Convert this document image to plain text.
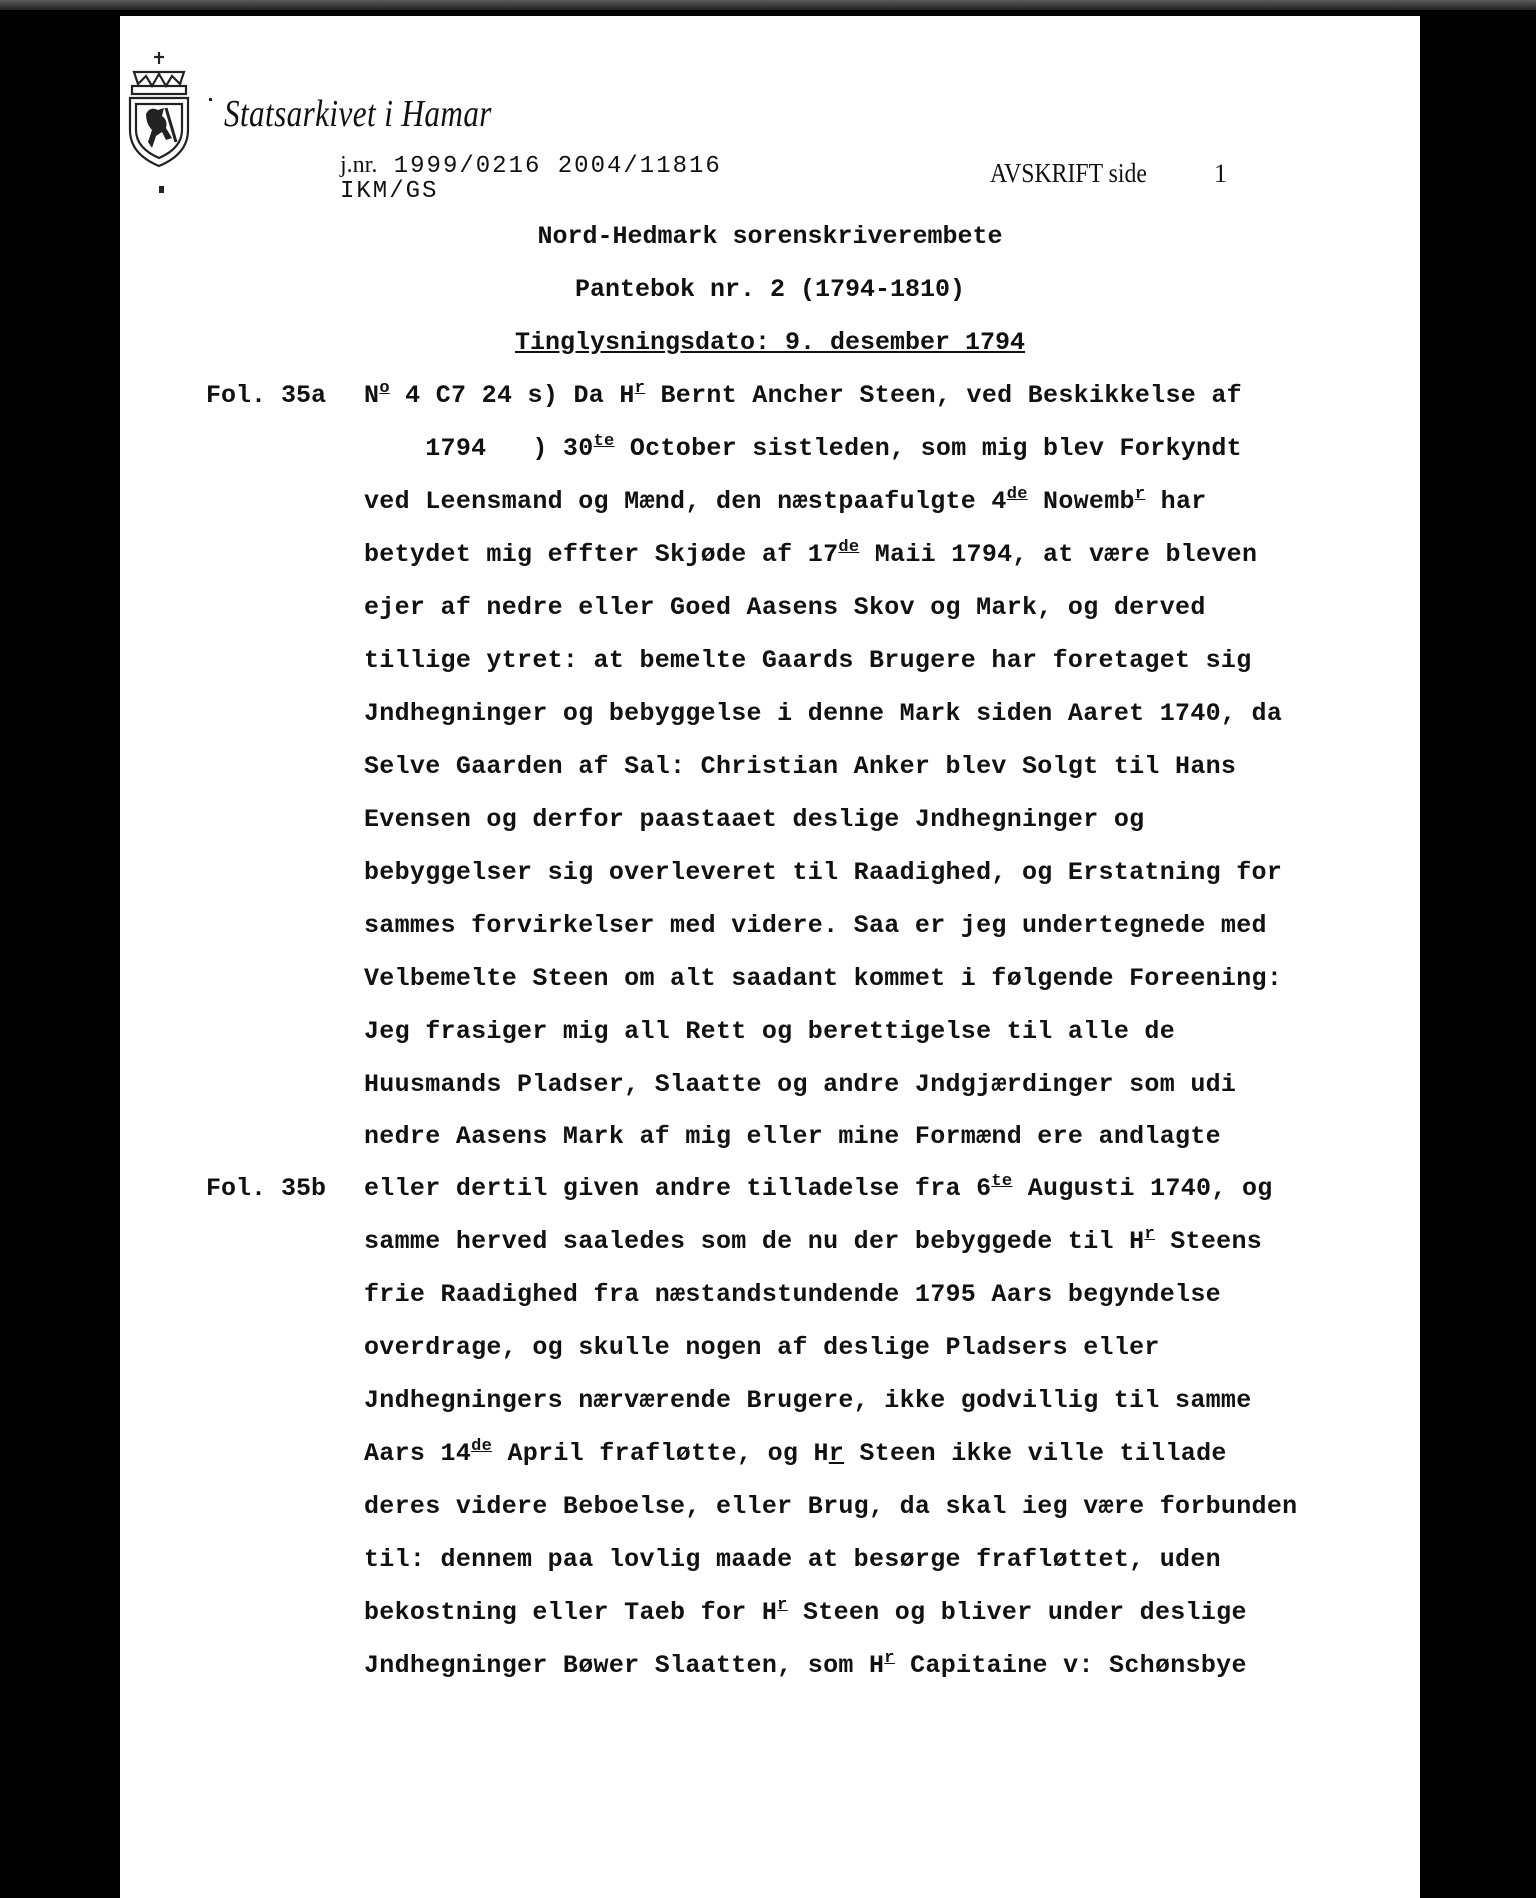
Statsarkivet i Hamar
j.nr. 1999/0216 2004/11816
IKM/GS
AVSKRIFT side	1
Nord-Hedmark sorenskriverembete
Pantebok nr. 2 (1794-1810)
Tinglysningsdato: 9. desember 1794
Fol. 35a
Fol. 35b
$N^o$ 4 C7 24 s) Da $H^r$ Bernt Ancher Steen, ved Beskikkelse af
1794   ) $30^{te}$ October sistleden, som mig blev Forkyndt
ved Leensmand og Mænd, den næstpaafulgte 4de Nowemb$^r$ har
betydet mig effter Skjøde af 17de Maii 1794, at være bleven
ejer af nedre eller Goed Aasens Skov og Mark, og derved
tillige ytret: at bemelte Gaards Brugere har foretaget sig
Jndhegninger og bebyggelse i denne Mark siden Aaret 1740, da
Selve Gaarden af Sal: Christian Anker blev Solgt til Hans
Evensen og derfor paastaaet deslige Jndhegninger og
bebyggelser sig overleveret til Raadighed, og Erstatning for
sammes forvirkelser med videre. Saa er jeg undertegnede med
Velbemelte Steen om alt saadant kommet i følgende Foreening:
Jeg frasiger mig all Rett og berettigelse til alle de
Huusmands Pladser, Slaatte og andre Jndgjærdinger som udi
nedre Aasens Mark af mig eller mine Formænd ere andlagte
eller dertil given andre tilladelse fra $6^{te}$ Augusti 1740, og
samme herved saaledes som de nu der bebyggede til $H^r$ Steens
frie Raadighed fra næstandstundende 1795 Aars begyndelse
overdrage, og skulle nogen af deslige Pladsers eller
Jndhegningers nærværende Brugere, ikke godvillig til samme
Aars 14de April frafløtte, og Hr Steen ikke ville tillade
deres videre Beboelse, eller Brug, da skal ieg være forbunden
til: dennem paa lovlig maade at besørge frafløttet, uden
bekostning eller Taeb for $H^r$ Steen og bliver under deslige
Jndhegninger Bøwer Slaatten, som $H^r$ Capitaine v: Schønsbye
